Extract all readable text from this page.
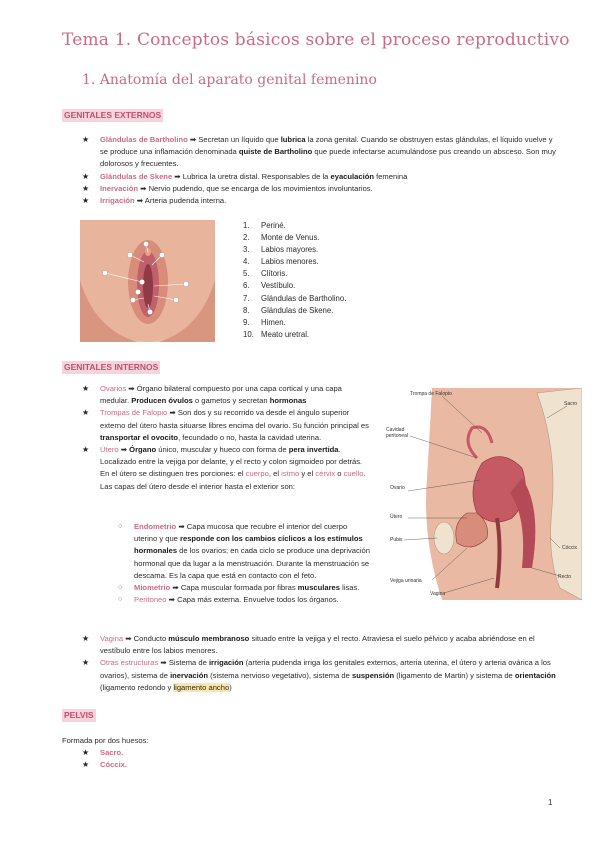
Tema 1. Conceptos básicos sobre el proceso reproductivo
1. Anatomía del aparato genital femenino
GENITALES EXTERNOS

★ Glándulas de Bartholino ➡ Secretan un líquido que lubrica la zona genital. Cuando se obstruyen estas glándulas, el líquido vuelve y se produce una inflamación denominada quiste de Bartholino que puede infectarse acumulándose pus creando un absceso. Son muy dolorosos y frecuentes.

★ Glándulas de Skene ➡ Lubrica la uretra distal. Responsables de la eyaculación femenina

★ Inervación ➡ Nervio pudendo, que se encarga de los movimientos involuntarios.

★ Irrigación ➡ Arteria pudenda interna.

1. Periné.
2. Monte de Venus.
3. Labios mayores.
4. Labios menores.
5. Clítoris.
6. Vestíbulo.
7. Glándulas de Bartholino.
8. Glándulas de Skene.
9. Himen.
10. Meato uretral.
GENITALES INTERNOS

★ Ovarios ➡ Órgano bilateral compuesto por una capa cortical y una capa medular. Producen óvulos o gametos y secretan hormonas

★ Trompas de Falopio ➡ Son dos y su recorrido va desde el ángulo superior externo del útero hasta situarse libres encima del ovario. Su función principal es transportar el ovocito, fecundado o no, hasta la cavidad uterina.

★ Útero ➡ Órgano único, muscular y hueco con forma de pera invertida. Localizado entre la vejiga por delante, y el recto y colon sigmoideo por detrás. En el útero se distinguen tres porciones: el cuerpo, el istmo y el cérvix o cuello. Las capas del útero desde el interior hasta el exterior son:

○ Endometrio ➡ Capa mucosa que recubre el interior del cuerpo uterino y que responde con los cambios cíclicos a los estímulos hormonales de los ovarios; en cada ciclo se produce una deprivación hormonal que da lugar a la menstruación. Durante la menstruación se descama. Es la capa que está en contacto con el feto.

○ Miometrio ➡ Capa muscular formada por fibras musculares lisas.

○ Peritoneo ➡ Capa más externa. Envuelve todos los órganos.

★ Vagina ➡ Conducto músculo membranoso situado entre la vejiga y el recto. Atraviesa el suelo pélvico y acaba abriéndose en el vestíbulo entre los labios menores.

★ Otras estructuras ➡ Sistema de irrigación (arteria pudenda irriga los genitales externos, arteria uterina, el útero y arteria ovárica a los ovarios), sistema de inervación (sistema nervioso vegetativo), sistema de suspensión (ligamento de Martin) y sistema de orientación (ligamento redondo y ligamento ancho)

Trompa de Falopio
Sacro
Cavidad
peritoneal
Ovario
Útero
Pubis
Cóccix
Recto
Vejiga urinaria
Vagina
PELVIS

Formada por dos huesos:

★ Sacro.

★ Cóccix.

1
